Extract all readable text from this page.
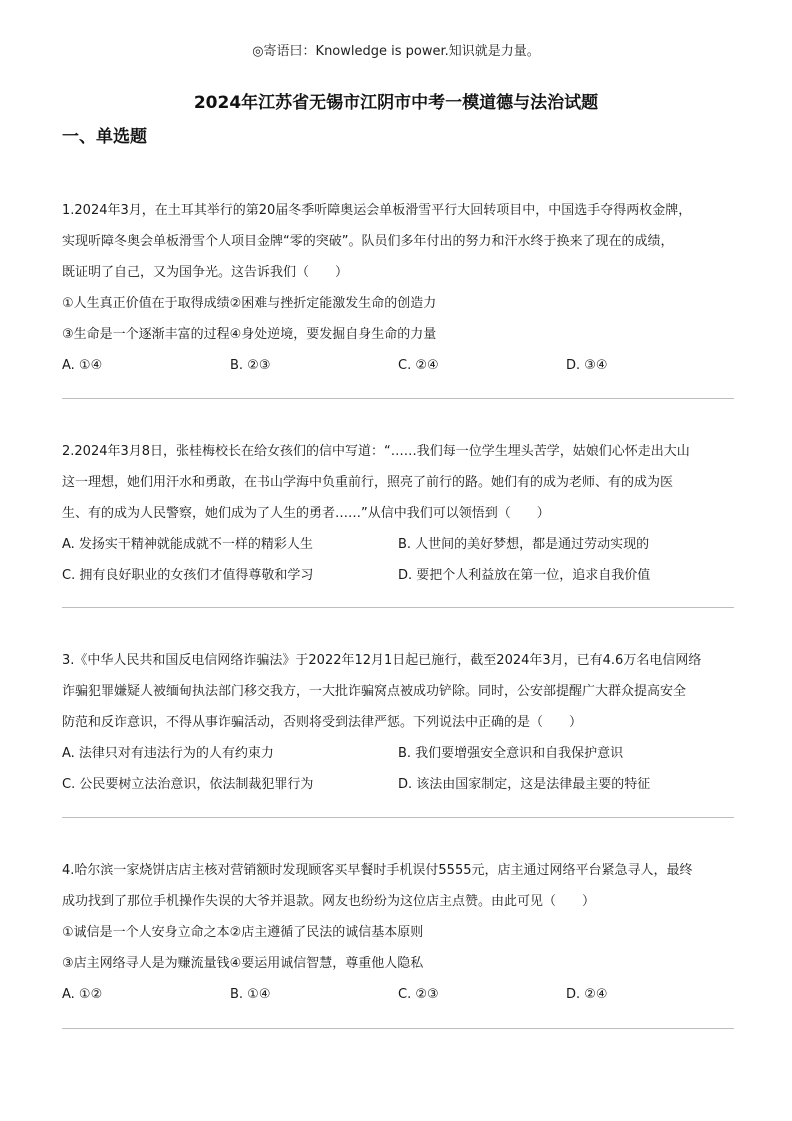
◎寄语曰：Knowledge is power.知识就是力量。
2024年江苏省无锡市江阴市中考一模道德与法治试题
一、单选题

1.2024年3月，在土耳其举行的第20届冬季听障奥运会单板滑雪平行大回转项目中，中国选手夺得两枚金牌，

实现听障冬奥会单板滑雪个人项目金牌“零的突破”。队员们多年付出的努力和汗水终于换来了现在的成绩，

既证明了自己，又为国争光。这告诉我们（　　）

①人生真正价值在于取得成绩②困难与挫折定能激发生命的创造力

③生命是一个逐渐丰富的过程④身处逆境，要发掘自身生命的力量

A. ①④	B. ②③	C. ②④	D. ③④

2.2024年3月8日，张桂梅校长在给女孩们的信中写道：“……我们每一位学生埋头苦学，姑娘们心怀走出大山

这一理想，她们用汗水和勇敢，在书山学海中负重前行，照亮了前行的路。她们有的成为老师、有的成为医

生、有的成为人民警察，她们成为了人生的勇者……”从信中我们可以领悟到（　　）

A. 发扬实干精神就能成就不一样的精彩人生	B. 人世间的美好梦想，都是通过劳动实现的
C. 拥有良好职业的女孩们才值得尊敬和学习	D. 要把个人利益放在第一位，追求自我价值

3.《中华人民共和国反电信网络诈骗法》于2022年12月1日起已施行，截至2024年3月，已有4.6万名电信网络

诈骗犯罪嫌疑人被缅甸执法部门移交我方，一大批诈骗窝点被成功铲除。同时，公安部提醒广大群众提高安全

防范和反诈意识，不得从事诈骗活动，否则将受到法律严惩。下列说法中正确的是（　　）

A. 法律只对有违法行为的人有约束力	B. 我们要增强安全意识和自我保护意识
C. 公民要树立法治意识，依法制裁犯罪行为	D. 该法由国家制定，这是法律最主要的特征

4.哈尔滨一家烧饼店店主核对营销额时发现顾客买早餐时手机误付5555元，店主通过网络平台紧急寻人，最终

成功找到了那位手机操作失误的大爷并退款。网友也纷纷为这位店主点赞。由此可见（　　）

①诚信是一个人安身立命之本②店主遵循了民法的诚信基本原则

③店主网络寻人是为赚流量钱④要运用诚信智慧，尊重他人隐私

A. ①②	B. ①④	C. ②③	D. ②④
